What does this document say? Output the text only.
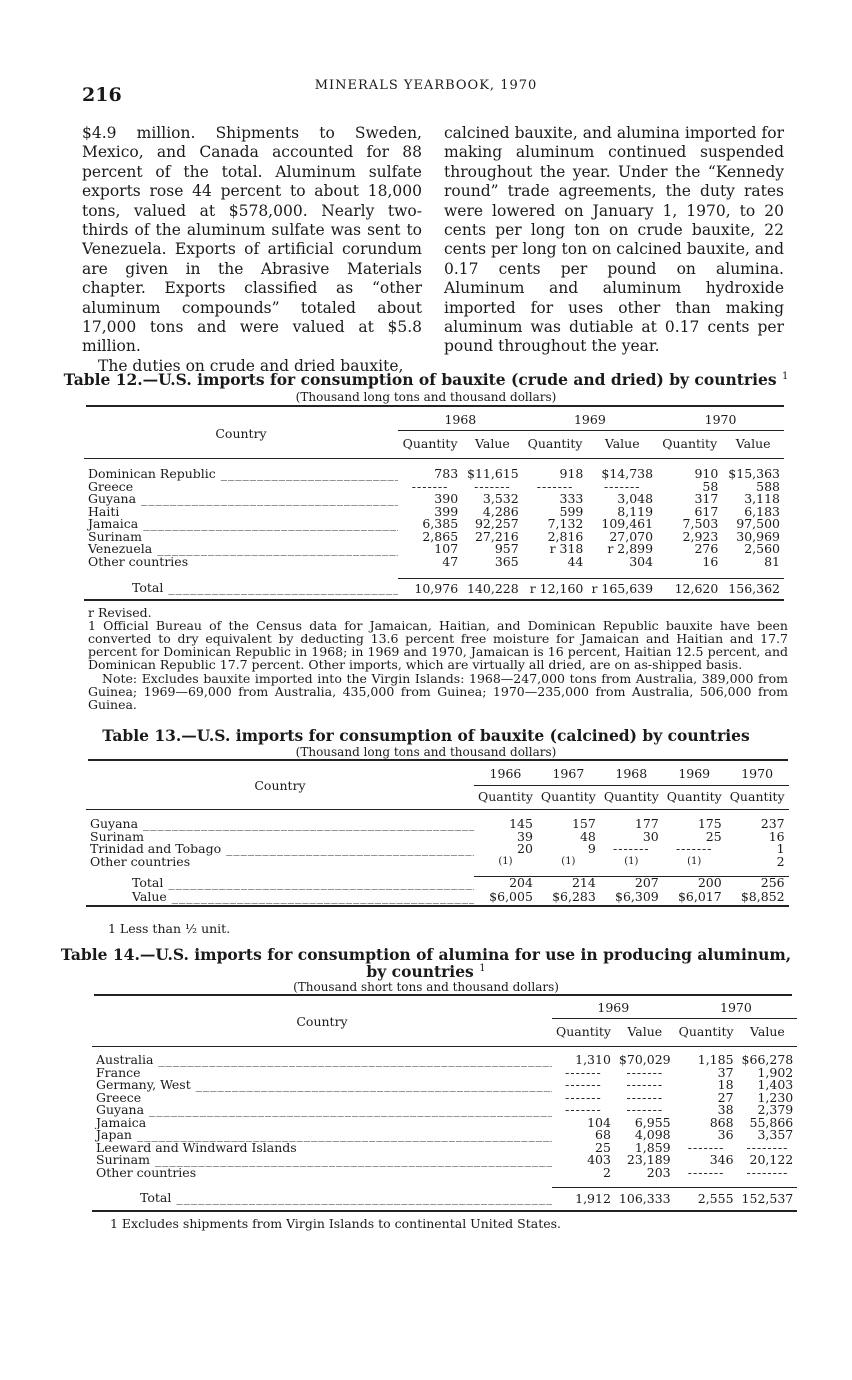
216	MINERALS YEARBOOK, 1970

$4.9 million. Shipments to Sweden, Mexico, and Canada accounted for 88 percent of the total. Aluminum sulfate exports rose 44 percent to about 18,000 tons, valued at $578,000. Nearly two-thirds of the aluminum sulfate was sent to Venezuela. Exports of artificial corundum are given in the Abrasive Materials chapter. Exports classified as “other aluminum compounds” totaled about 17,000 tons and were valued at $5.8 million.

The duties on crude and dried bauxite,

calcined bauxite, and alumina imported for making aluminum continued suspended throughout the year. Under the “Kennedy round” trade agreements, the duty rates were lowered on January 1, 1970, to 20 cents per long ton on crude bauxite, 22 cents per long ton on calcined bauxite, and 0.17 cents per pound on alumina. Aluminum and aluminum hydroxide imported for uses other than making aluminum was dutiable at 0.17 cents per pound throughout the year.

Table 12.—U.S. imports for consumption of bauxite (crude and dried) by countries $^1$
(Thousand long tons and thousand dollars)
Country	1968		1969		1970	
	Quantity	Value	Quantity	Value	Quantity	Value

Dominican Republic _____	783	$11,615	918	$14,738	910	$15,363
Greece _____	-------	-------	-------	-------	58	588
Guyana _____	390	3,532	333	3,048	317	3,118
Haiti _____	399	4,286	599	8,119	617	6,183
Jamaica _____	6,385	92,257	7,132	109,461	7,503	97,500
Surinam _____	2,865	27,216	2,816	27,070	2,923	30,969
Venezuela _____	107	957	r 318	r 2,899	276	2,560
Other countries _____	47	365	44	304	16	81

Total _____	10,976	140,228	r 12,160	r 165,639	12,620	156,362
r Revised.
1 Official Bureau of the Census data for Jamaican, Haitian, and Dominican Republic bauxite have been converted to dry equivalent by deducting 13.6 percent free moisture for Jamaican and Haitian and 17.7 percent for Dominican Republic in 1968; in 1969 and 1970, Jamaican is 16 percent, Haitian 12.5 percent, and Dominican Republic 17.7 percent. Other imports, which are virtually all dried, are on as-shipped basis.
Note: Excludes bauxite imported into the Virgin Islands: 1968—247,000 tons from Australia, 389,000 from Guinea; 1969—69,000 from Australia, 435,000 from Guinea; 1970—235,000 from Australia, 506,000 from Guinea.
Table 13.—U.S. imports for consumption of bauxite (calcined) by countries
(Thousand long tons and thousand dollars)
Country	1966	1967	1968	1969	1970
	Quantity	Quantity	Quantity	Quantity	Quantity

Guyana _____	145	157	177	175	237
Surinam _____	39	48	30	25	16
Trinidad and Tobago _____	20	9	-------	-------	1
Other countries _____	(1)	(1)	(1)	(1)	2

Total _____	204	214	207	200	256
Value _____	$6,005	$6,283	$6,309	$6,017	$8,852
1 Less than ½ unit.
Table 14.—U.S. imports for consumption of alumina for use in producing aluminum,
by countries $^1$
(Thousand short tons and thousand dollars)
Country	1969		1970	
	Quantity	Value	Quantity	Value

Australia _____	1,310	$70,029	1,185	$66,278
France _____	-------	-------	37	1,902
Germany, West _____	-------	-------	18	1,403
Greece _____	-------	-------	27	1,230
Guyana _____	-------	-------	38	2,379
Jamaica _____	104	6,955	868	55,866
Japan _____	68	4,098	36	3,357
Leeward and Windward Islands _____	25	1,859	-------	--------
Surinam _____	403	23,189	346	20,122
Other countries _____	2	203	-------	--------

Total _____	1,912	106,333	2,555	152,537
1 Excludes shipments from Virgin Islands to continental United States.
